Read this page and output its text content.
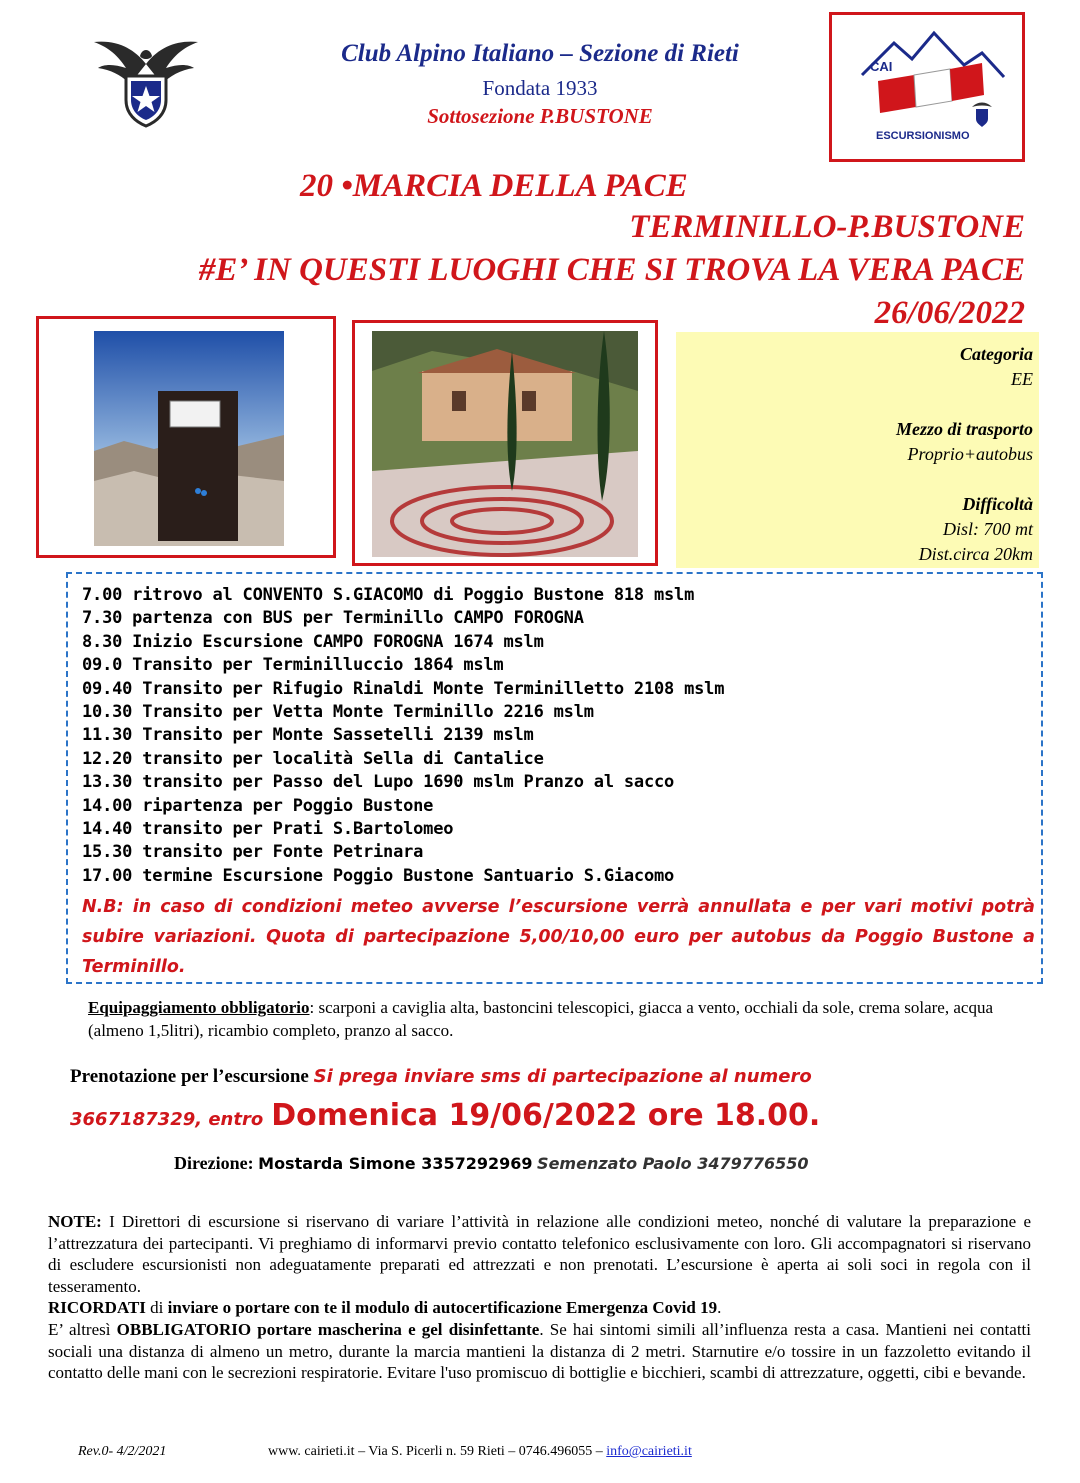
Club Alpino Italiano – Sezione di Rieti
Fondata 1933
Sottosezione P.BUSTONE
CAI
ESCURSIONISMO
20 •MARCIA DELLA PACE
TERMINILLO-P.BUSTONE
#E’ IN QUESTI LUOGHI CHE SI TROVA LA VERA PACE
26/06/2022
Categoria
EE
Mezzo di trasporto
Proprio+autobus
Difficoltà
Disl: 700 mt
Dist.circa 20km
7.00 ritrovo al CONVENTO S.GIACOMO di Poggio Bustone 818 mslm
7.30 partenza con BUS per Terminillo CAMPO FOROGNA
8.30 Inizio Escursione CAMPO FOROGNA 1674 mslm
09.0 Transito per Terminilluccio 1864 mslm
09.40 Transito per Rifugio Rinaldi Monte Terminilletto 2108 mslm
10.30 Transito per Vetta Monte Terminillo 2216 mslm
11.30 Transito per Monte Sassetelli 2139 mslm
12.20 transito per località Sella di Cantalice
13.30 transito per Passo del Lupo 1690 mslm Pranzo al sacco
14.00 ripartenza per Poggio Bustone
14.40 transito per Prati S.Bartolomeo
15.30 transito per Fonte Petrinara
17.00 termine Escursione Poggio Bustone Santuario S.Giacomo
N.B: in caso di condizioni meteo avverse l’escursione verrà annullata e per vari motivi potrà subire variazioni. Quota di partecipazione 5,00/10,00 euro per autobus da Poggio Bustone a Terminillo.
Equipaggiamento obbligatorio: scarponi a caviglia alta, bastoncini telescopici, giacca a vento, occhiali da sole, crema solare, acqua (almeno 1,5litri), ricambio completo, pranzo al sacco.
Prenotazione per l’escursione Si prega inviare sms di partecipazione al numero
3667187329, entro Domenica 19/06/2022 ore 18.00.
Direzione: Mostarda Simone 3357292969 Semenzato Paolo 3479776550

NOTE: I Direttori di escursione si riservano di variare l’attività in relazione alle condizioni meteo, nonché di valutare la preparazione e l’attrezzatura dei partecipanti. Vi preghiamo di informarvi previo contatto telefonico esclusivamente con loro. Gli accompagnatori si riservano di escludere escursionisti non adeguatamente preparati ed attrezzati e non prenotati. L’escursione è aperta ai soli soci in regola con il tesseramento.

RICORDATI di inviare o portare con te il modulo di autocertificazione Emergenza Covid 19.

E’ altresì OBBLIGATORIO portare mascherina e gel disinfettante. Se hai sintomi simili all’influenza resta a casa. Mantieni nei contatti sociali una distanza di almeno un metro, durante la marcia mantieni la distanza di 2 metri. Starnutire e/o tossire in un fazzoletto evitando il contatto delle mani con le secrezioni respiratorie. Evitare l'uso promiscuo di bottiglie e bicchieri, scambi di attrezzature, oggetti, cibi e bevande.

Rev.0- 4/2/2021	www. cairieti.it – Via S. Picerli n. 59 Rieti – 0746.496055 – info@cairieti.it
